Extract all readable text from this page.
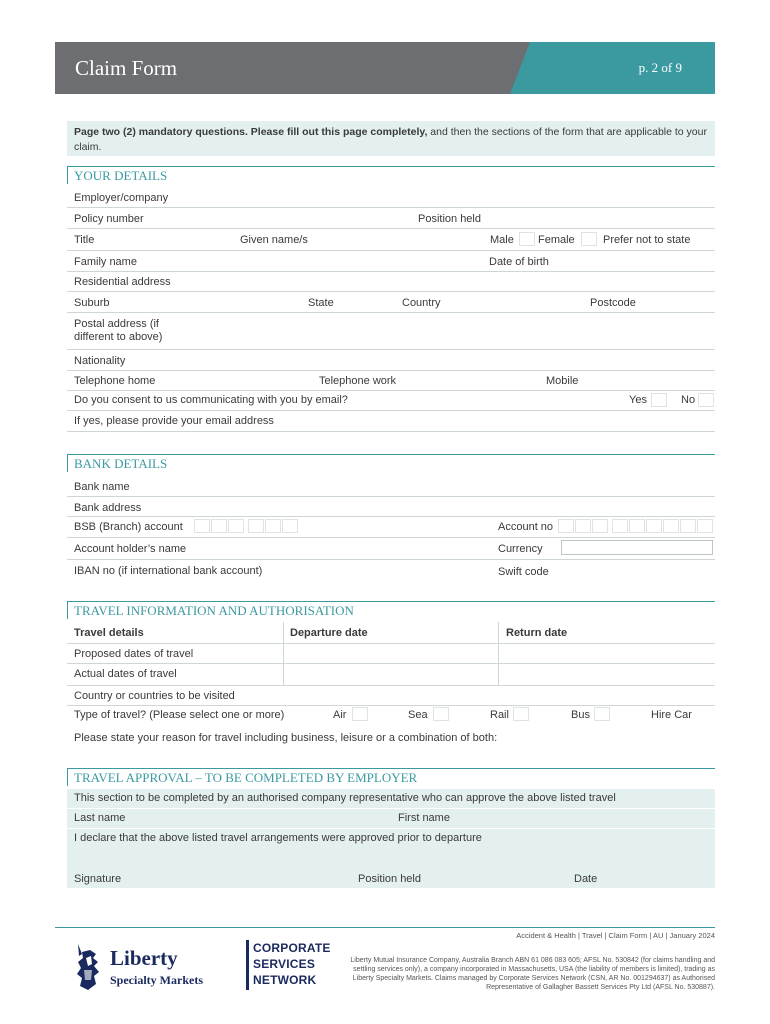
Claim Form	p. 2 of 9
Page two (2) mandatory questions. Please fill out this page completely, and then the sections of the form that are applicable to your claim.
YOUR DETAILS
Employer/company
Policy number	Position held
Title	Given name/s	Male Female	Prefer not to state
Family name	Date of birth
Residential address
Suburb	State	Country	Postcode
Postal address (if
different to above)
Nationality
Telephone home	Telephone work	Mobile
Do you consent to us communicating with you by email?	Yes	No
If yes, please provide your email address
BANK DETAILS
Bank name
Bank address
BSB (Branch) account	Account no
Account holder’s name	Currency
IBAN no (if international bank account)	Swift code
TRAVEL INFORMATION AND AUTHORISATION
Travel details	Departure date	Return date
Proposed dates of travel
Actual dates of travel
Country or countries to be visited
Type of travel? (Please select one or more)	Air	Sea	Rail	Bus	Hire Car
Please state your reason for travel including business, leisure or a combination of both:
TRAVEL APPROVAL – TO BE COMPLETED BY EMPLOYER
This section to be completed by an authorised company representative who can approve the above listed travel
Last name	First name
I declare that the above listed travel arrangements were approved prior to departure
Signature	Position held	Date
Accident & Health | Travel | Claim Form | AU | January 2024
Liberty
Specialty Markets
CORPORATE
SERVICES
NETWORK
Liberty Mutual Insurance Company, Australia Branch ABN 61 086 083 605; AFSL No. 530842 (for claims handling and settling services only), a company incorporated in Massachusetts, USA (the liability of members is limited), trading as Liberty Specialty Markets. Claims managed by Corporate Services Network (CSN, AR No. 001294637) as Authorised Representative of Gallagher Bassett Services Pty Ltd (AFSL No. 530887).
